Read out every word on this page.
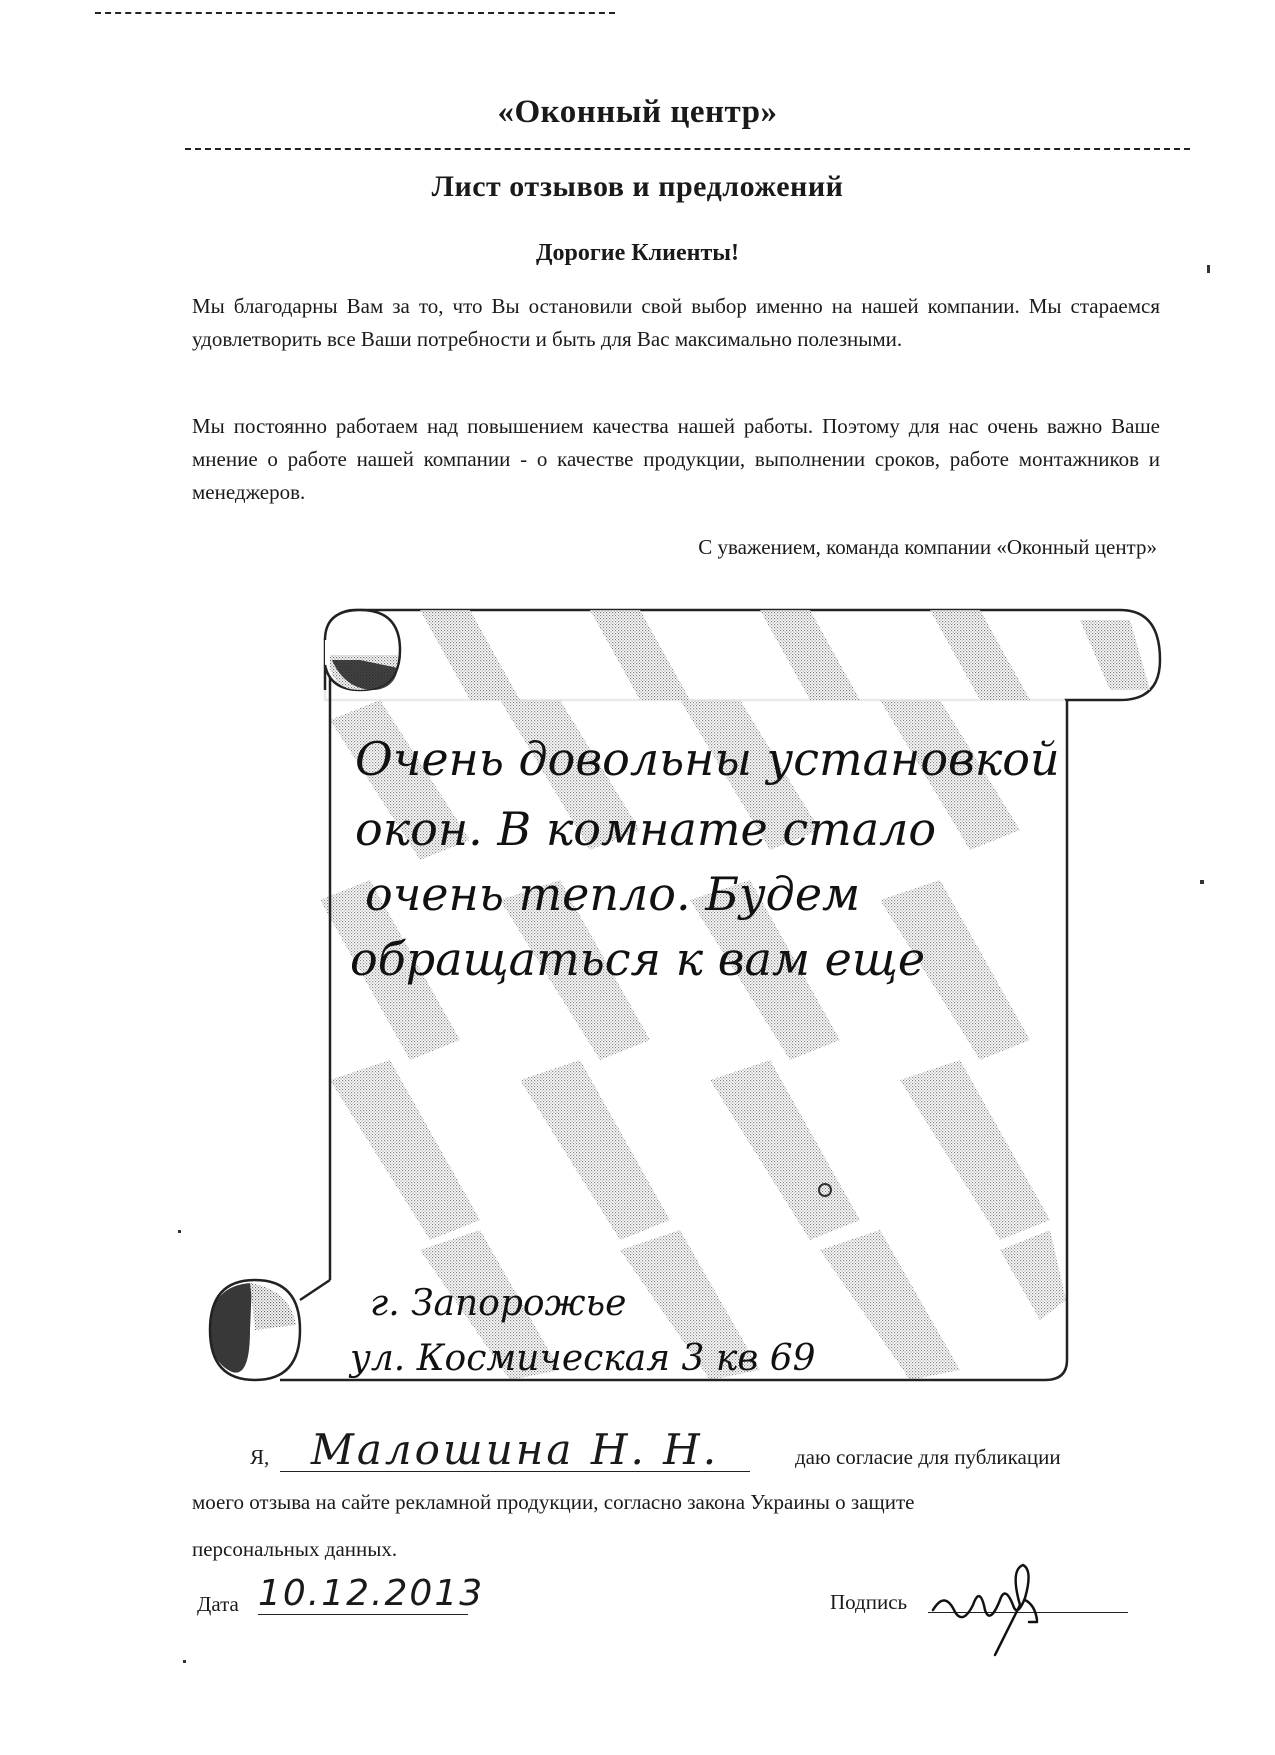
«Оконный центр»
Лист отзывов и предложений
Дорогие Клиенты!
Мы благодарны Вам за то, что Вы остановили свой выбор именно на нашей компании. Мы стараемся удовлетворить все Ваши потребности и быть для Вас максимально полезными.
Мы постоянно работаем над повышением качества нашей работы. Поэтому для нас очень важно Ваше мнение о работе нашей компании - о качестве продукции, выполнении сроков, работе монтажников и менеджеров.
С уважением, команда компании «Оконный центр»
Очень довольны установкой
окон. В комнате стало
очень тепло. Будем
обращаться к вам еще
г. Запорожье
ул. Космическая 3 кв 69
Я, Малошина Н. Н.	даю согласие для публикации
моего отзыва на сайте рекламной продукции, согласно закона Украины о защите
персональных данных.
Дата 10.12.2013	Подпись
